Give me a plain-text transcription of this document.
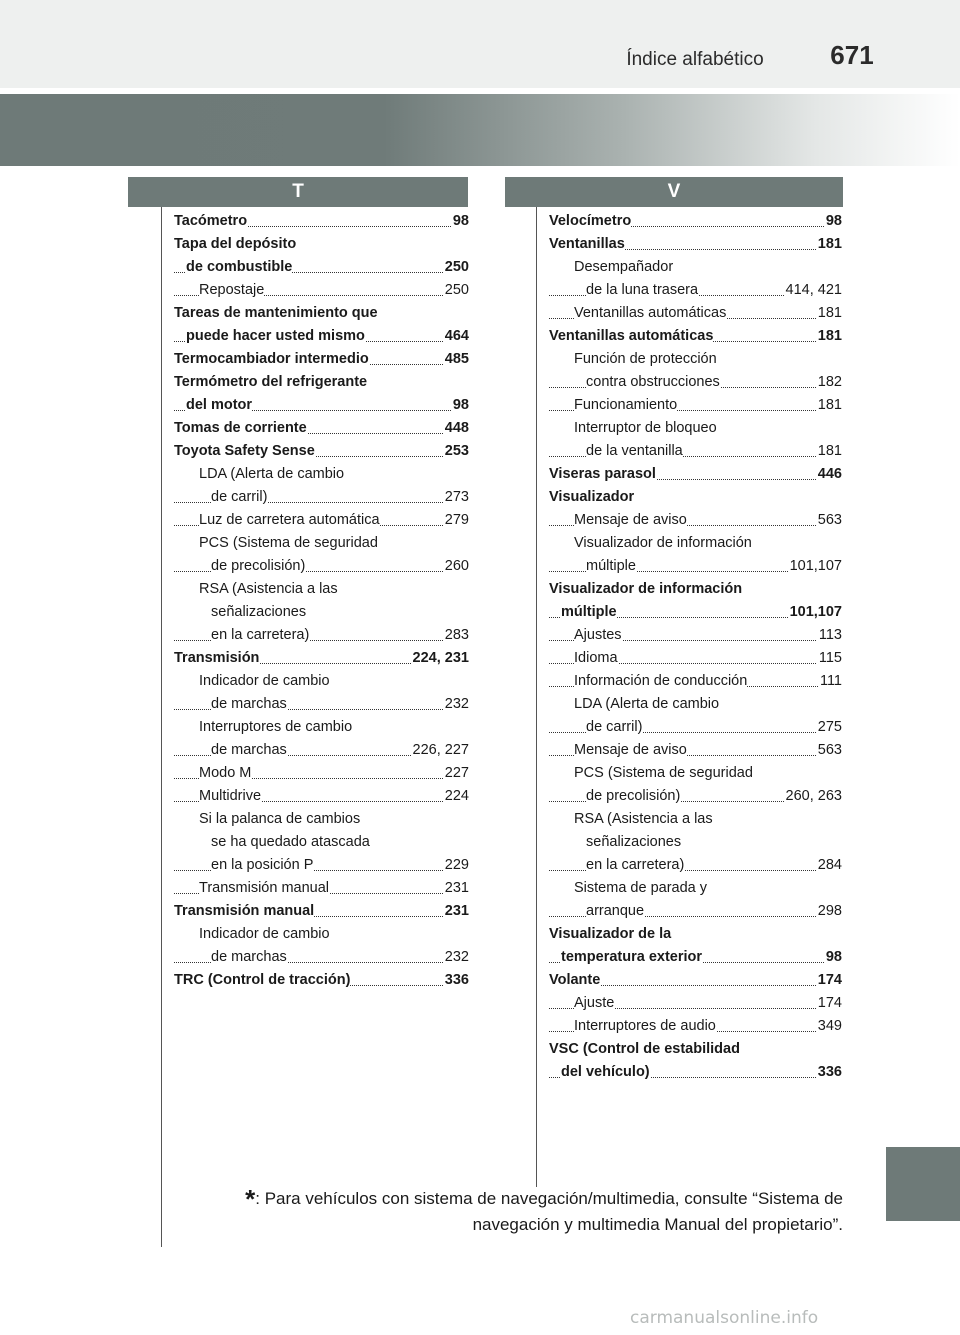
Índice alfabético	671
T	V
Tacómetro	98
Tapa del depósito
de combustible	250
Repostaje	250
Tareas de mantenimiento que
puede hacer usted mismo	464
Termocambiador intermedio	485
Termómetro del refrigerante
del motor	98
Tomas de corriente	448
Toyota Safety Sense	253
LDA (Alerta de cambio
de carril)	273
Luz de carretera automática	279
PCS (Sistema de seguridad
de precolisión)	260
RSA (Asistencia a las
señalizaciones
en la carretera)	283
Transmisión	224, 231
Indicador de cambio
de marchas	232
Interruptores de cambio
de marchas	226, 227
Modo M	227
Multidrive	224
Si la palanca de cambios
se ha quedado atascada
en la posición P	229
Transmisión manual	231
Transmisión manual	231
Indicador de cambio
de marchas	232
TRC (Control de tracción)	336
Velocímetro	98
Ventanillas	181
Desempañador
de la luna trasera	414, 421
Ventanillas automáticas	181
Ventanillas automáticas	181
Función de protección
contra obstrucciones	182
Funcionamiento	181
Interruptor de bloqueo
de la ventanilla	181
Viseras parasol	446
Visualizador
Mensaje de aviso	563
Visualizador de información
múltiple	101,107
Visualizador de información
múltiple	101,107
Ajustes	113
Idioma	115
Información de conducción	111
LDA (Alerta de cambio
de carril)	275
Mensaje de aviso	563
PCS (Sistema de seguridad
de precolisión)	260, 263
RSA (Asistencia a las
señalizaciones
en la carretera)	284
Sistema de parada y
arranque	298
Visualizador de la
temperatura exterior	98
Volante	174
Ajuste	174
Interruptores de audio	349
VSC (Control de estabilidad
del vehículo)	336
*: Para vehículos con sistema de navegación/multimedia, consulte “Sistema de navegación y multimedia Manual del propietario”.
carmanualsonline.info
